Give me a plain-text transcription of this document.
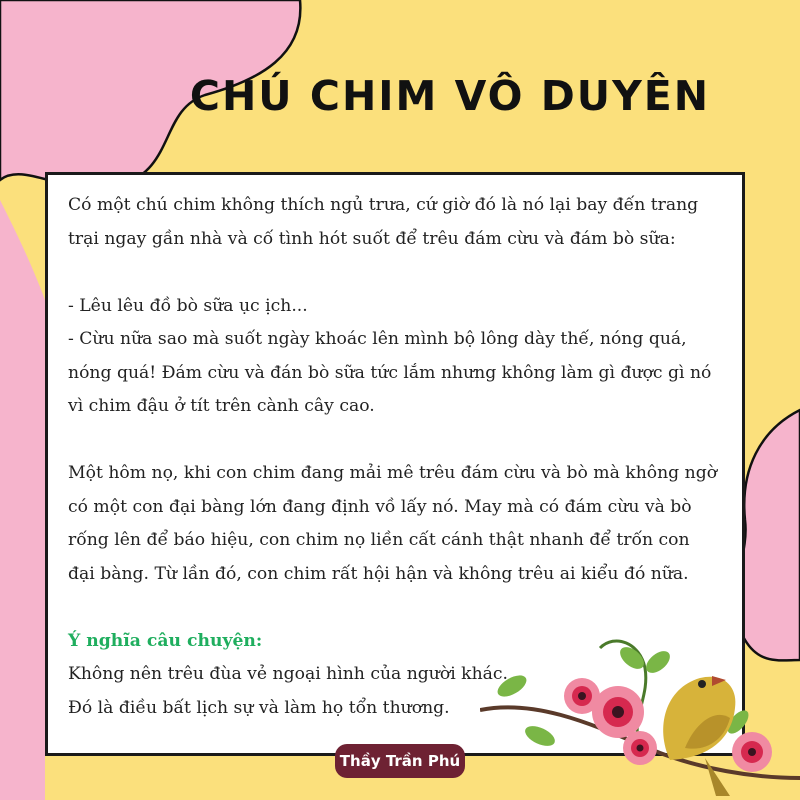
CHÚ CHIM VÔ DUYÊN

Có một chú chim không thích ngủ trưa, cứ giờ đó là nó lại bay đến trang trại ngay gần nhà và cố tình hót suốt để trêu đám cừu và đám bò sữa:

- Lêu lêu đồ bò sữa ục ịch...

- Cừu nữa sao mà suốt ngày khoác lên mình bộ lông dày thế, nóng quá, nóng quá! Đám cừu và đán bò sữa tức lắm nhưng không làm gì được gì nó vì chim đậu ở tít trên cành cây cao.

Một hôm nọ, khi con chim đang mải mê trêu đám cừu và bò mà không ngờ có một con đại bàng lớn đang định vồ lấy nó. May mà có đám cừu và bò rống lên để báo hiệu, con chim nọ liền cất cánh thật nhanh để trốn con đại bàng. Từ lần đó, con chim rất hội hận và không trêu ai kiểu đó nữa.

Ý nghĩa câu chuyện:

Không nên trêu đùa vẻ ngoại hình của người khác.

Đó là điều bất lịch sự và làm họ tổn thương.

Thầy Trần Phú
